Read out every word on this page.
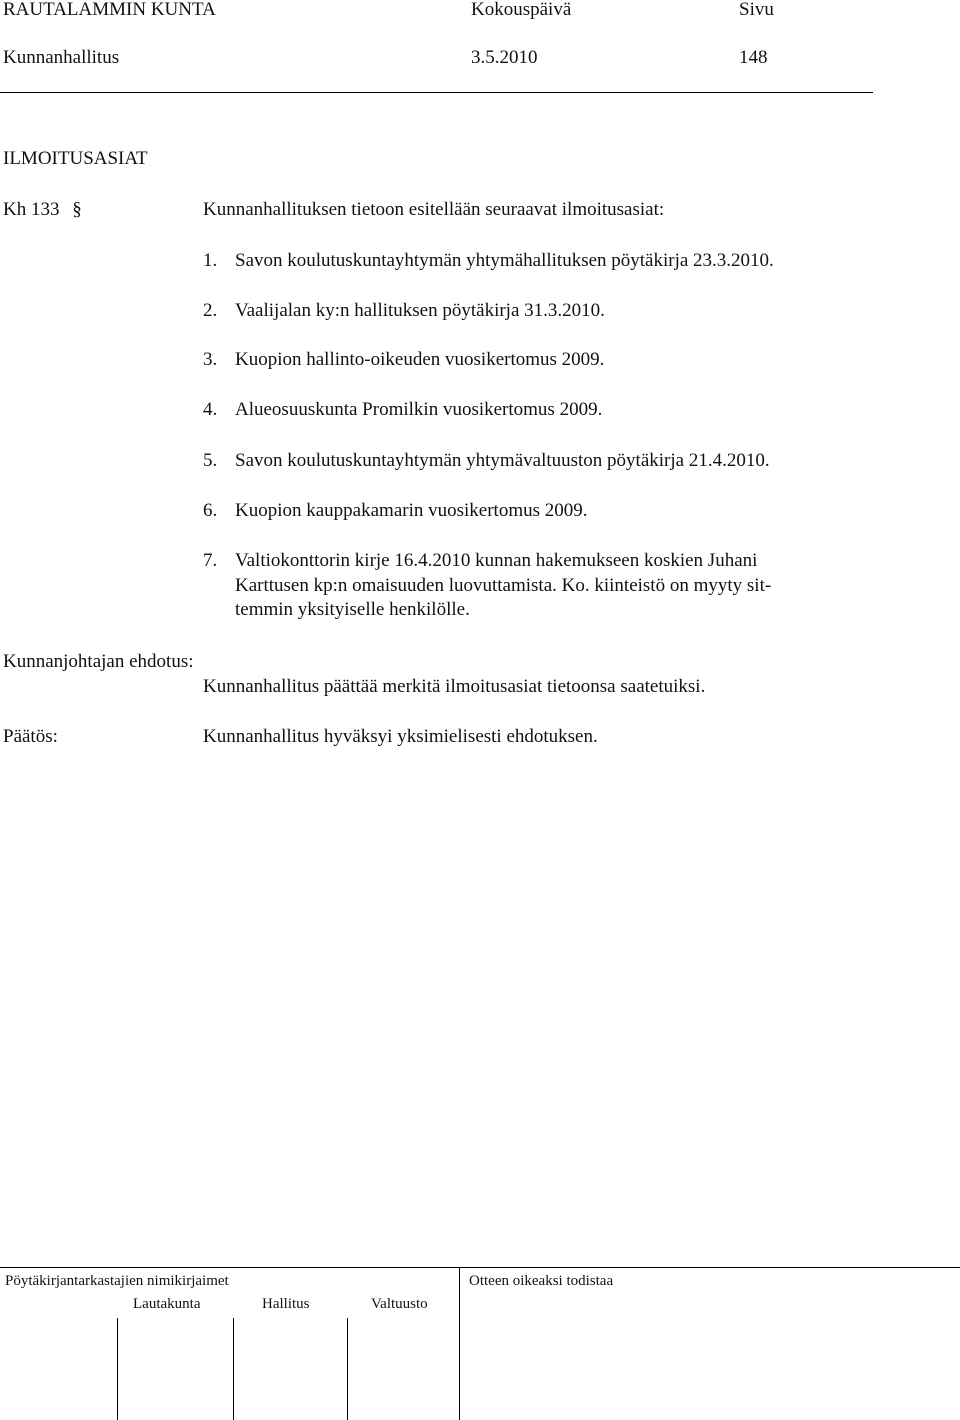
RAUTALAMMIN KUNTA	Kokouspäivä	Sivu
Kunnanhallitus	3.5.2010	148
ILMOITUSASIAT
Kh 133 §	Kunnanhallituksen tietoon esitellään seuraavat ilmoitusasiat:
1. Savon koulutuskuntayhtymän yhtymähallituksen pöytäkirja 23.3.2010.
2. Vaalijalan ky:n hallituksen pöytäkirja 31.3.2010.
3. Kuopion hallinto-oikeuden vuosikertomus 2009.
4. Alueosuuskunta Promilkin vuosikertomus 2009.
5. Savon koulutuskuntayhtymän yhtymävaltuuston pöytäkirja 21.4.2010.
6. Kuopion kauppakamarin vuosikertomus 2009.
7. Valtiokonttorin kirje 16.4.2010 kunnan hakemukseen koskien Juhani
Karttusen kp:n omaisuuden luovuttamista. Ko. kiinteistö on myyty sit-
temmin yksityiselle henkilölle.
Kunnanjohtajan ehdotus:
Kunnanhallitus päättää merkitä ilmoitusasiat tietoonsa saatetuiksi.
Päätös:	Kunnanhallitus hyväksyi yksimielisesti ehdotuksen.
Pöytäkirjantarkastajien nimikirjaimet	Otteen oikeaksi todistaa
Lautakunta	Hallitus	Valtuusto
